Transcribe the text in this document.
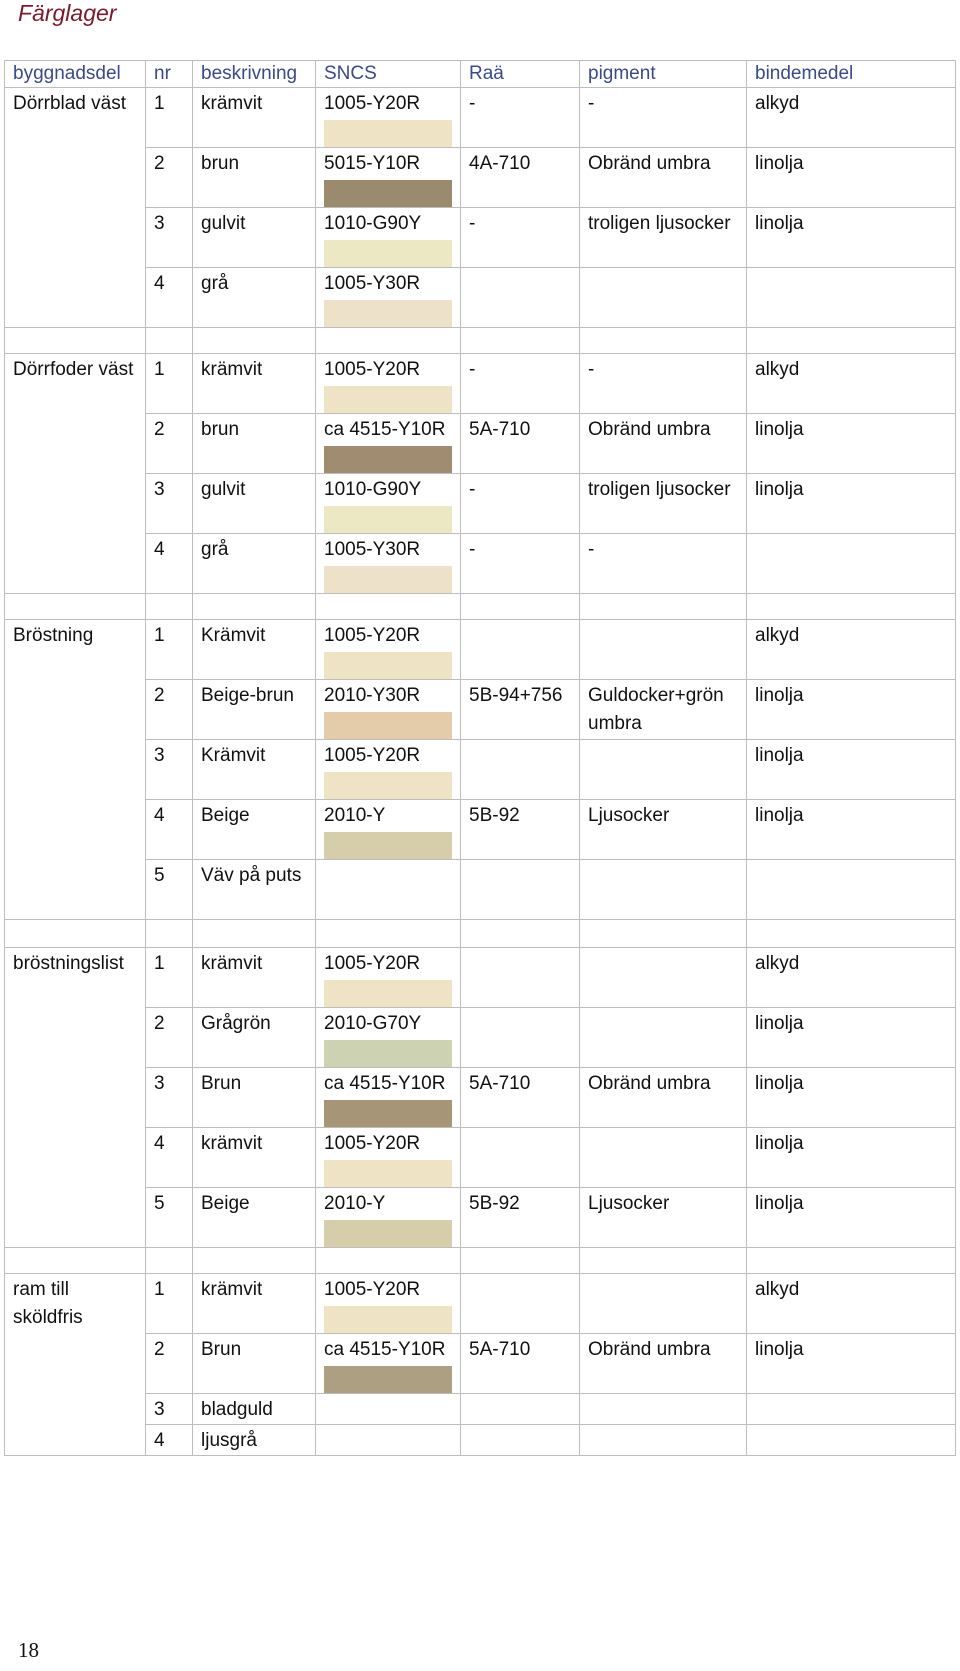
Färglager
byggnadsdel	nr	beskrivning	SNCS	Raä	pigment	bindemedel
Dörrblad väst	1	krämvit	1005-Y20R	-	-	alkyd
	2	brun	5015-Y10R	4A-710	Obränd umbra	linolja
	3	gulvit	1010-G90Y	-	troligen ljusocker	linolja
	4	grå	1005-Y30R

Dörrfoder väst	1	krämvit	1005-Y20R	-	-	alkyd
	2	brun	ca 4515-Y10R	5A-710	Obränd umbra	linolja
	3	gulvit	1010-G90Y	-	troligen ljusocker	linolja
	4	grå	1005-Y30R	-	-	

Bröstning	1	Krämvit	1005-Y20R			alkyd
	2	Beige-brun	2010-Y30R	5B-94+756	Guldocker+grön umbra	linolja
	3	Krämvit	1005-Y20R			linolja
	4	Beige	2010-Y	5B-92	Ljusocker	linolja
	5	Väv på puts				

bröstningslist	1	krämvit	1005-Y20R			alkyd
	2	Grågrön	2010-G70Y			linolja
	3	Brun	ca 4515-Y10R	5A-710	Obränd umbra	linolja
	4	krämvit	1005-Y20R			linolja
	5	Beige	2010-Y	5B-92	Ljusocker	linolja

ram till sköldfris	1	krämvit	1005-Y20R			alkyd
	2	Brun	ca 4515-Y10R	5A-710	Obränd umbra	linolja
	3	bladguld				
	4	ljusgrå				
18
